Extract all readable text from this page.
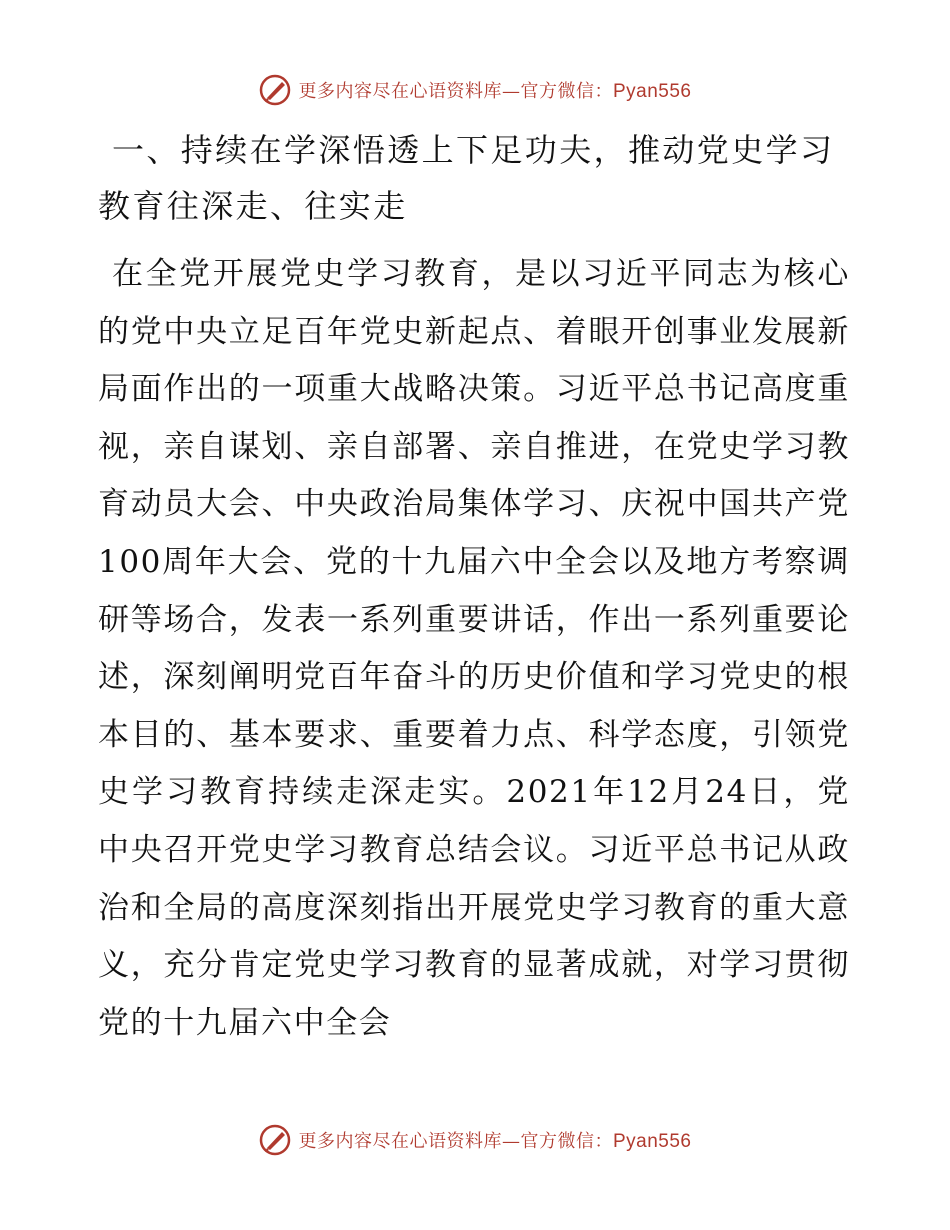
更多内容尽在心语资料库—官方微信：Pyan556
一、持续在学深悟透上下足功夫，推动党史学习教育往深走、往实走

在全党开展党史学习教育，是以习近平同志为核心的党中央立足百年党史新起点、着眼开创事业发展新局面作出的一项重大战略决策。习近平总书记高度重视，亲自谋划、亲自部署、亲自推进，在党史学习教育动员大会、中央政治局集体学习、庆祝中国共产党100周年大会、党的十九届六中全会以及地方考察调研等场合，发表一系列重要讲话，作出一系列重要论述，深刻阐明党百年奋斗的历史价值和学习党史的根本目的、基本要求、重要着力点、科学态度，引领党史学习教育持续走深走实。2021年12月24日，党中央召开党史学习教育总结会议。习近平总书记从政治和全局的高度深刻指出开展党史学习教育的重大意义，充分肯定党史学习教育的显著成就，对学习贯彻党的十九届六中全会

更多内容尽在心语资料库—官方微信：Pyan556
